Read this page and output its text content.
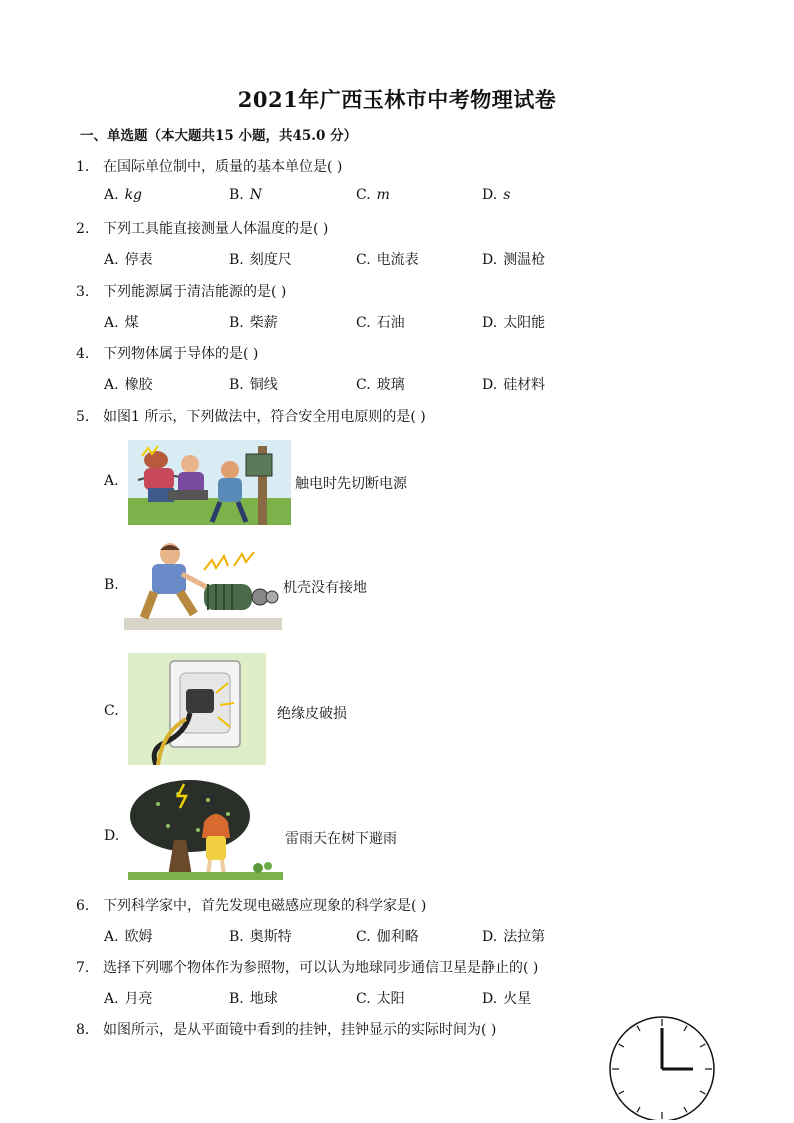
2021年广西玉林市中考物理试卷
一、单选题（本大题共15 小题，共45.0 分）
1. 在国际单位制中，质量的基本单位是( )
A. kg	B. N	C. m	D. s
2. 下列工具能直接测量人体温度的是( )
A. 停表	B. 刻度尺	C. 电流表	D. 测温枪
3. 下列能源属于清洁能源的是( )
A. 煤	B. 柴薪	C. 石油	D. 太阳能
4. 下列物体属于导体的是( )
A. 橡胶	B. 铜线	C. 玻璃	D. 硅材料
5. 如图1 所示，下列做法中，符合安全用电原则的是( )
A.	触电时先切断电源
B.	机壳没有接地
C.	绝缘皮破损
D.	雷雨天在树下避雨
6. 下列科学家中，首先发现电磁感应现象的科学家是( )
A. 欧姆	B. 奥斯特	C. 伽利略	D. 法拉第
7. 选择下列哪个物体作为参照物，可以认为地球同步通信卫星是静止的( )
A. 月亮	B. 地球	C. 太阳	D. 火星
8. 如图所示，是从平面镜中看到的挂钟，挂钟显示的实际时间为( )
